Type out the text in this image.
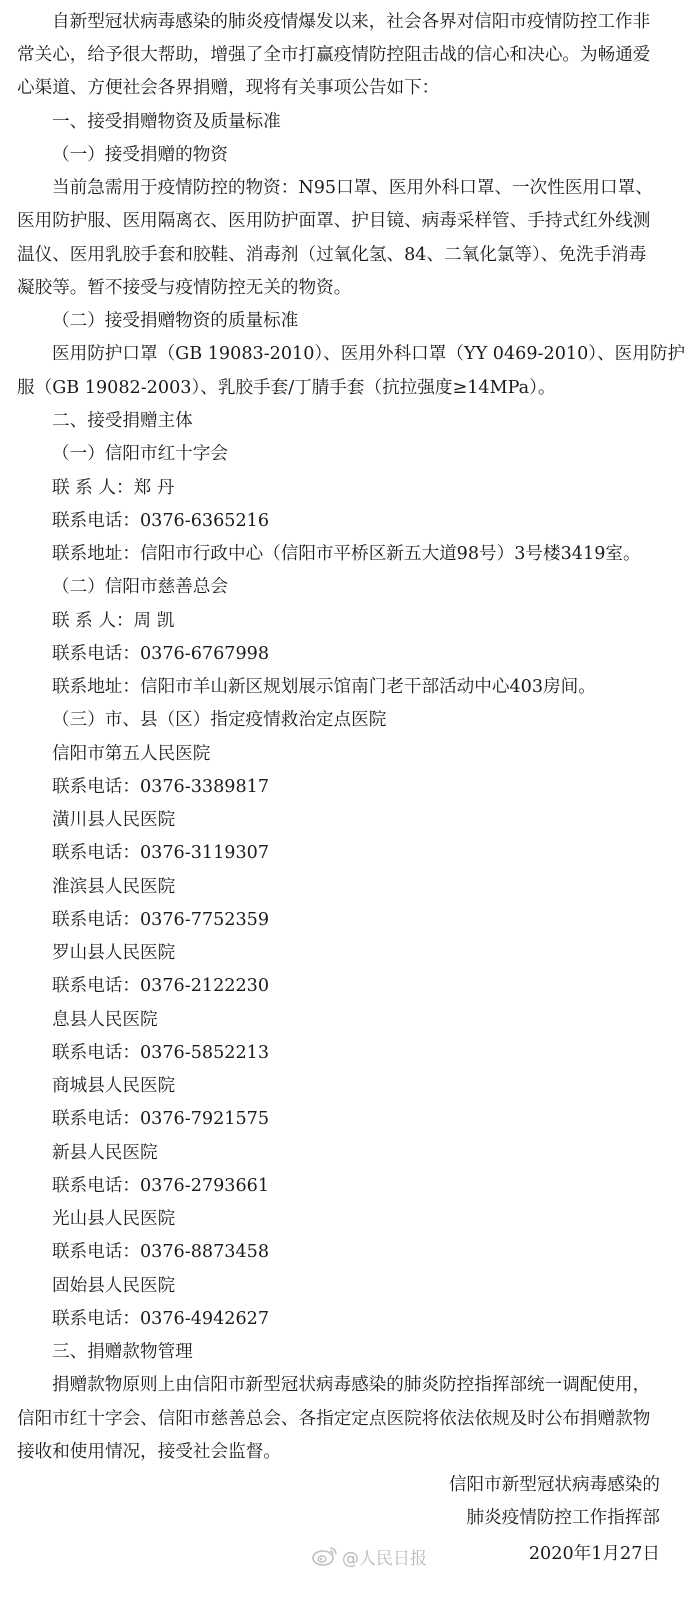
自新型冠状病毒感染的肺炎疫情爆发以来，社会各界对信阳市疫情防控工作非
常关心，给予很大帮助，增强了全市打赢疫情防控阻击战的信心和决心。为畅通爱
心渠道、方便社会各界捐赠，现将有关事项公告如下：
一、接受捐赠物资及质量标准
（一）接受捐赠的物资
当前急需用于疫情防控的物资：N95口罩、医用外科口罩、一次性医用口罩、
医用防护服、医用隔离衣、医用防护面罩、护目镜、病毒采样管、手持式红外线测
温仪、医用乳胶手套和胶鞋、消毒剂（过氧化氢、84、二氧化氯等）、免洗手消毒
凝胶等。暂不接受与疫情防控无关的物资。
（二）接受捐赠物资的质量标准
医用防护口罩（GB 19083-2010）、医用外科口罩（YY 0469-2010）、医用防护
服（GB 19082-2003）、乳胶手套/丁腈手套（抗拉强度≥14MPa）。
二、接受捐赠主体
（一）信阳市红十字会
联 系 人：郑 丹
联系电话：0376-6365216
联系地址：信阳市行政中心（信阳市平桥区新五大道98号）3号楼3419室。
（二）信阳市慈善总会
联 系 人：周 凯
联系电话：0376-6767998
联系地址：信阳市羊山新区规划展示馆南门老干部活动中心403房间。
（三）市、县（区）指定疫情救治定点医院
信阳市第五人民医院
联系电话：0376-3389817
潢川县人民医院
联系电话：0376-3119307
淮滨县人民医院
联系电话：0376-7752359
罗山县人民医院
联系电话：0376-2122230
息县人民医院
联系电话：0376-5852213
商城县人民医院
联系电话：0376-7921575
新县人民医院
联系电话：0376-2793661
光山县人民医院
联系电话：0376-8873458
固始县人民医院
联系电话：0376-4942627
三、捐赠款物管理
捐赠款物原则上由信阳市新型冠状病毒感染的肺炎防控指挥部统一调配使用，
信阳市红十字会、信阳市慈善总会、各指定定点医院将依法依规及时公布捐赠款物
接收和使用情况，接受社会监督。
信阳市新型冠状病毒感染的
肺炎疫情防控工作指挥部
2020年1月27日
@人民日报
